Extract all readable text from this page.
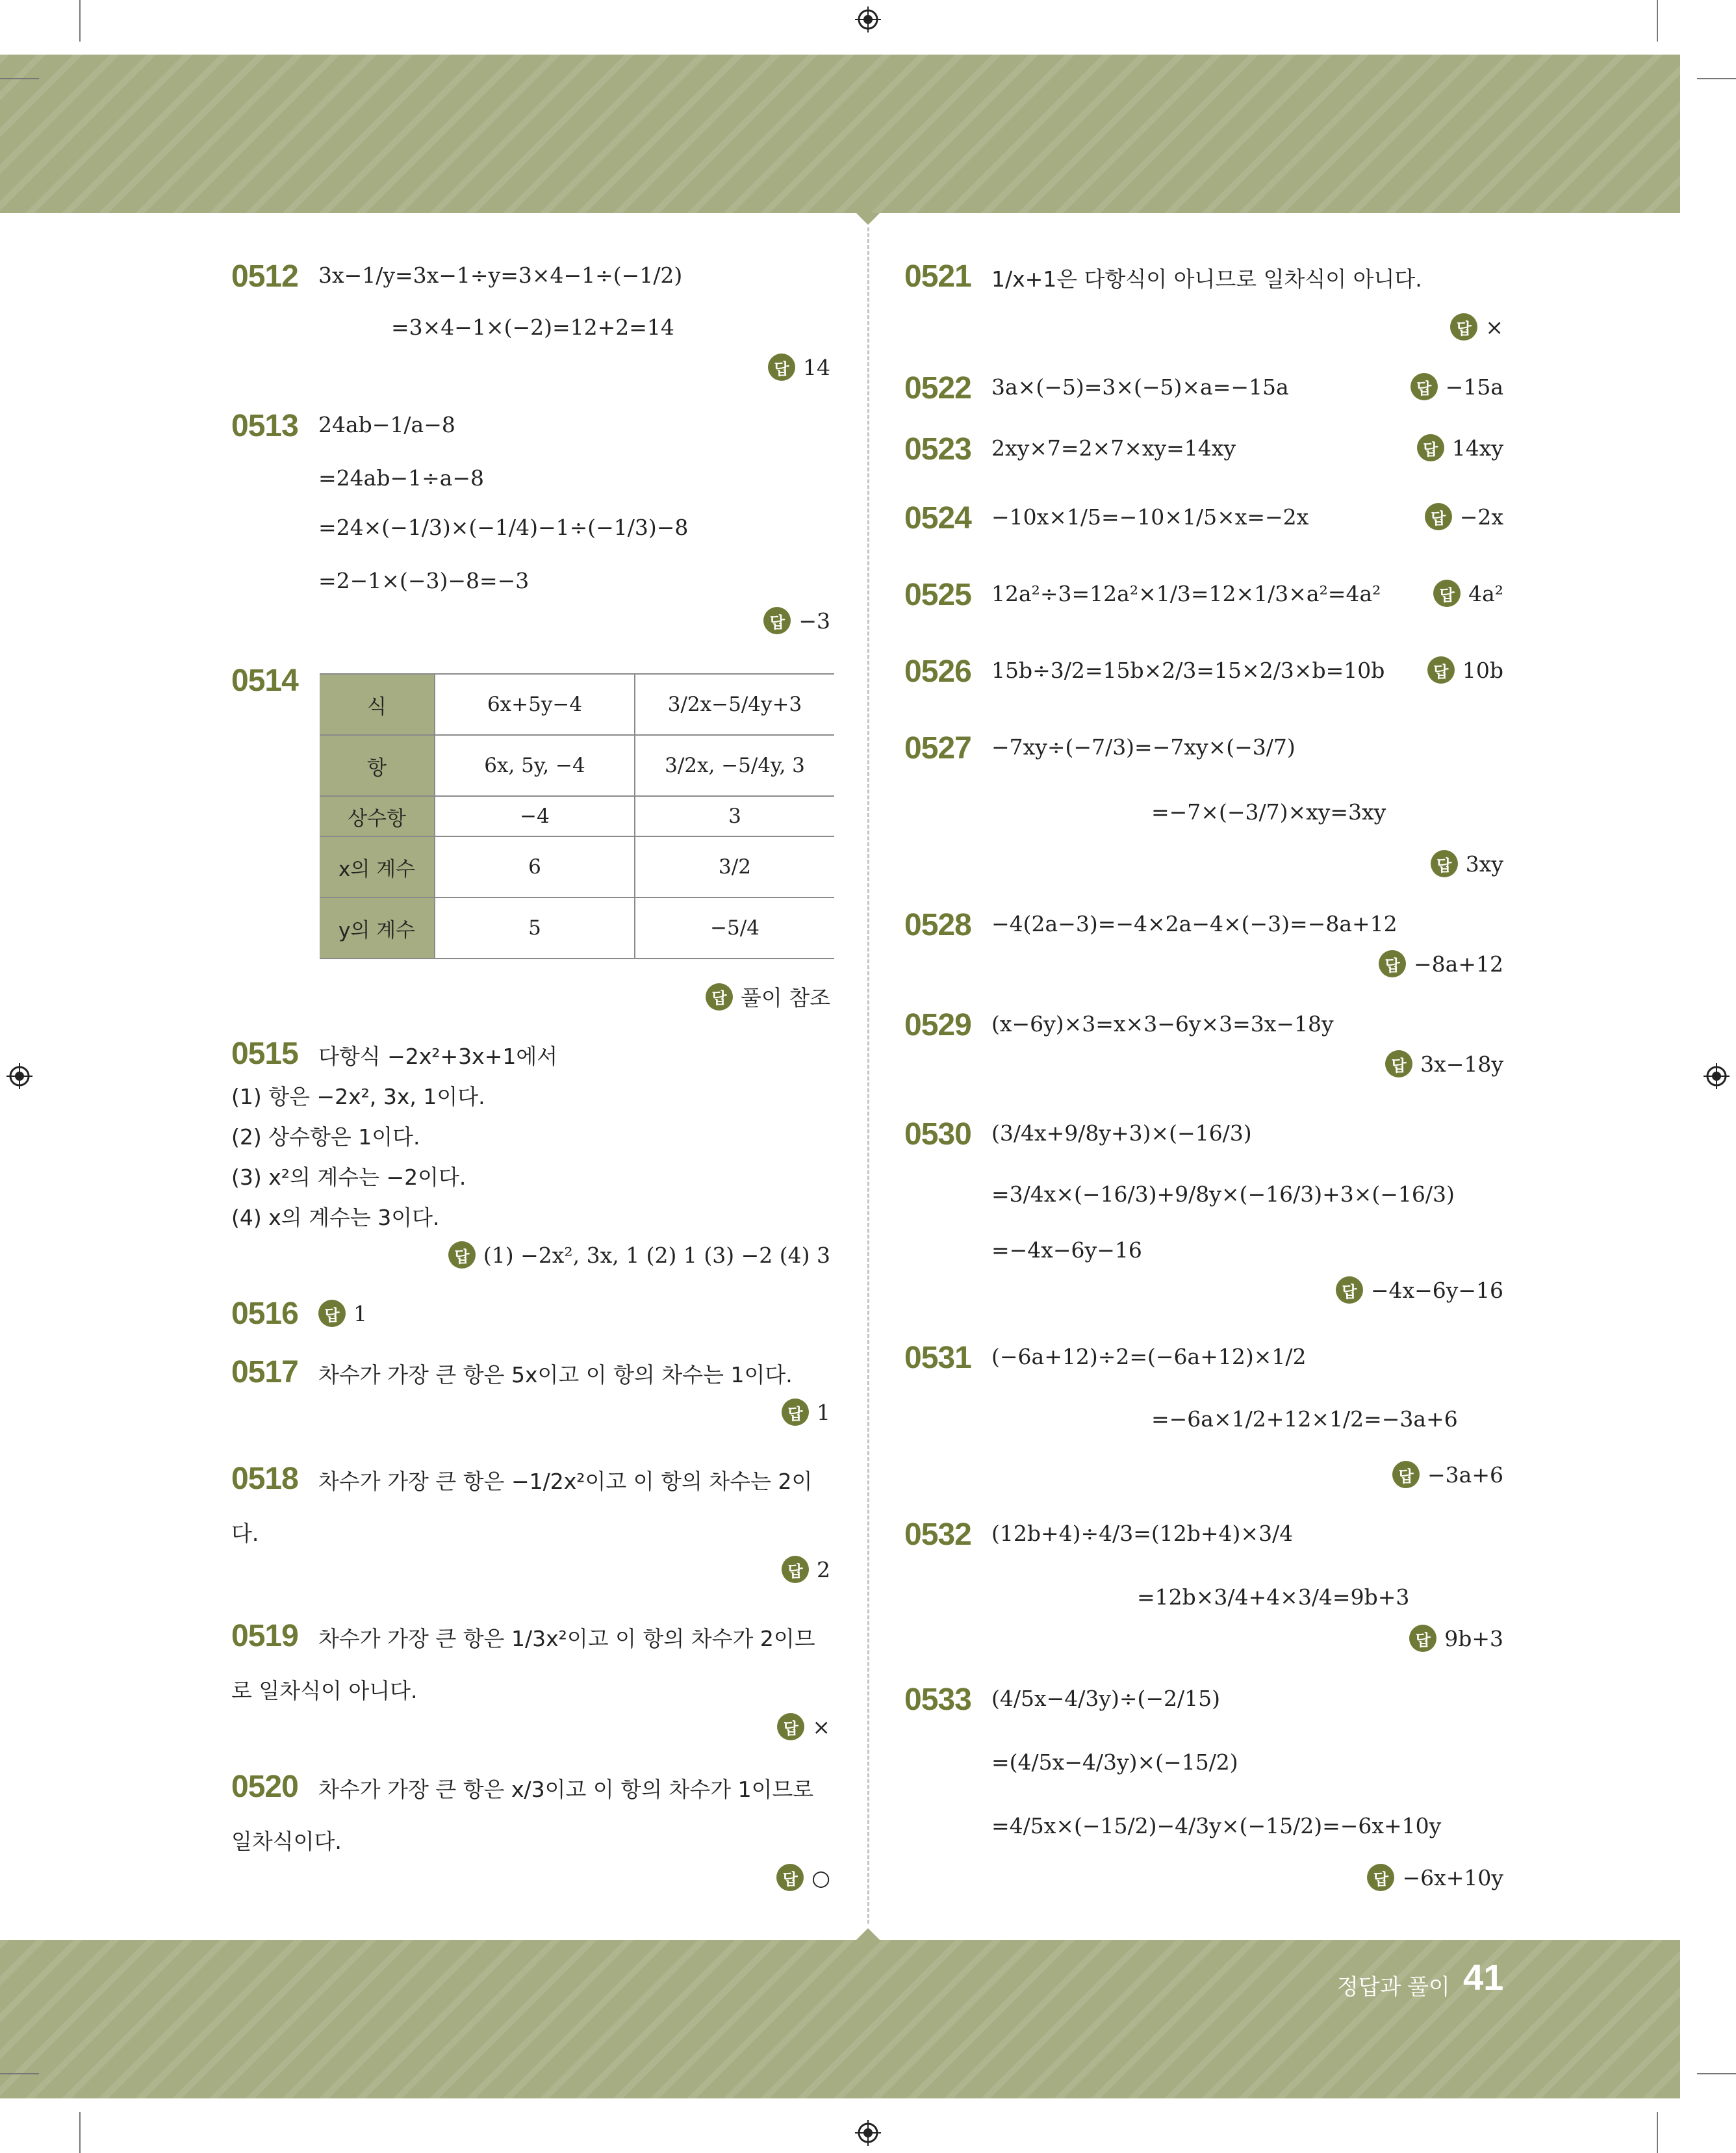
정답과 풀이 41
0512 3x−1/y=3x−1÷y=3×4−1÷(−1/2)
=3×4−1×(−2)=12+2=14
답 14
0513 24ab−1/a−8
=24ab−1÷a−8
=24×(−1/3)×(−1/4)−1÷(−1/3)−8
=2−1×(−3)−8=−3
답 −3
0514
식	6x+5y−4	3/2x−5/4y+3
항	6x, 5y, −4	3/2x, −5/4y, 3
상수항	−4	3
x의 계수	6	3/2
y의 계수	5	−5/4
답 풀이 참조
0515 다항식 −2x²+3x+1에서
(1) 항은 −2x², 3x, 1이다.
(2) 상수항은 1이다.
(3) x²의 계수는 −2이다.
(4) x의 계수는 3이다.
답 (1) −2x², 3x, 1 (2) 1 (3) −2 (4) 3
0516	답 1
0517 차수가 가장 큰 항은 5x이고 이 항의 차수는 1이다.
답 1
0518 차수가 가장 큰 항은 −1/2x²이고 이 항의 차수는 2이
다.
답 2
0519 차수가 가장 큰 항은 1/3x²이고 이 항의 차수가 2이므
로 일차식이 아니다.
답 ×
0520 차수가 가장 큰 항은 x/3이고 이 항의 차수가 1이므로
일차식이다.
답 ○
0521 1/x+1은 다항식이 아니므로 일차식이 아니다.
답 ×
0522 3a×(−5)=3×(−5)×a=−15a	답 −15a
0523 2xy×7=2×7×xy=14xy	답 14xy
0524 −10x×1/5=−10×1/5×x=−2x	답 −2x
0525 12a²÷3=12a²×1/3=12×1/3×a²=4a²	답 4a²
0526 15b÷3/2=15b×2/3=15×2/3×b=10b	답 10b
0527 −7xy÷(−7/3)=−7xy×(−3/7)
=−7×(−3/7)×xy=3xy
답 3xy
0528 −4(2a−3)=−4×2a−4×(−3)=−8a+12
답 −8a+12
0529 (x−6y)×3=x×3−6y×3=3x−18y
답 3x−18y
0530 (3/4x+9/8y+3)×(−16/3)
=3/4x×(−16/3)+9/8y×(−16/3)+3×(−16/3)
=−4x−6y−16
답 −4x−6y−16
0531 (−6a+12)÷2=(−6a+12)×1/2
=−6a×1/2+12×1/2=−3a+6
답 −3a+6
0532 (12b+4)÷4/3=(12b+4)×3/4
=12b×3/4+4×3/4=9b+3
답 9b+3
0533 (4/5x−4/3y)÷(−2/15)
=(4/5x−4/3y)×(−15/2)
=4/5x×(−15/2)−4/3y×(−15/2)=−6x+10y
답 −6x+10y
